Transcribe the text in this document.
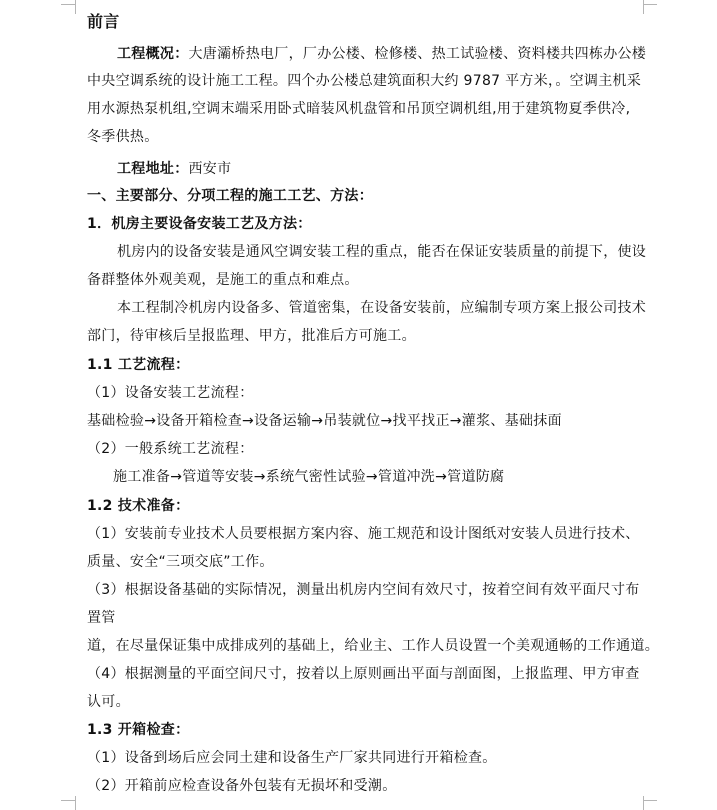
前言
工程概况：大唐灞桥热电厂，厂办公楼、检修楼、热工试验楼、资料楼共四栋办公楼
中央空调系统的设计施工工程。四个办公楼总建筑面积大约 9787 平方米，。空调主机采
用水源热泵机组,空调末端采用卧式暗装风机盘管和吊顶空调机组,用于建筑物夏季供冷,
冬季供热。
工程地址：西安市
一、主要部分、分项工程的施工工艺、方法：
1．机房主要设备安装工艺及方法：
机房内的设备安装是通风空调安装工程的重点，能否在保证安装质量的前提下，使设
备群整体外观美观，是施工的重点和难点。
本工程制冷机房内设备多、管道密集，在设备安装前，应编制专项方案上报公司技术
部门，待审核后呈报监理、甲方，批准后方可施工。
1.1 工艺流程：
（1）设备安装工艺流程：
基础检验→设备开箱检查→设备运输→吊装就位→找平找正→灌浆、基础抹面
（2）一般系统工艺流程：
施工准备→管道等安装→系统气密性试验→管道冲洗→管道防腐
1.2 技术准备：
（1）安装前专业技术人员要根据方案内容、施工规范和设计图纸对安装人员进行技术、
质量、安全“三项交底”工作。
（3）根据设备基础的实际情况，测量出机房内空间有效尺寸，按着空间有效平面尺寸布
置管
道，在尽量保证集中成排成列的基础上，给业主、工作人员设置一个美观通畅的工作通道。
（4）根据测量的平面空间尺寸，按着以上原则画出平面与剖面图，上报监理、甲方审查
认可。
1.3 开箱检查：
（1）设备到场后应会同土建和设备生产厂家共同进行开箱检查。
（2）开箱前应检查设备外包装有无损坏和受潮。
